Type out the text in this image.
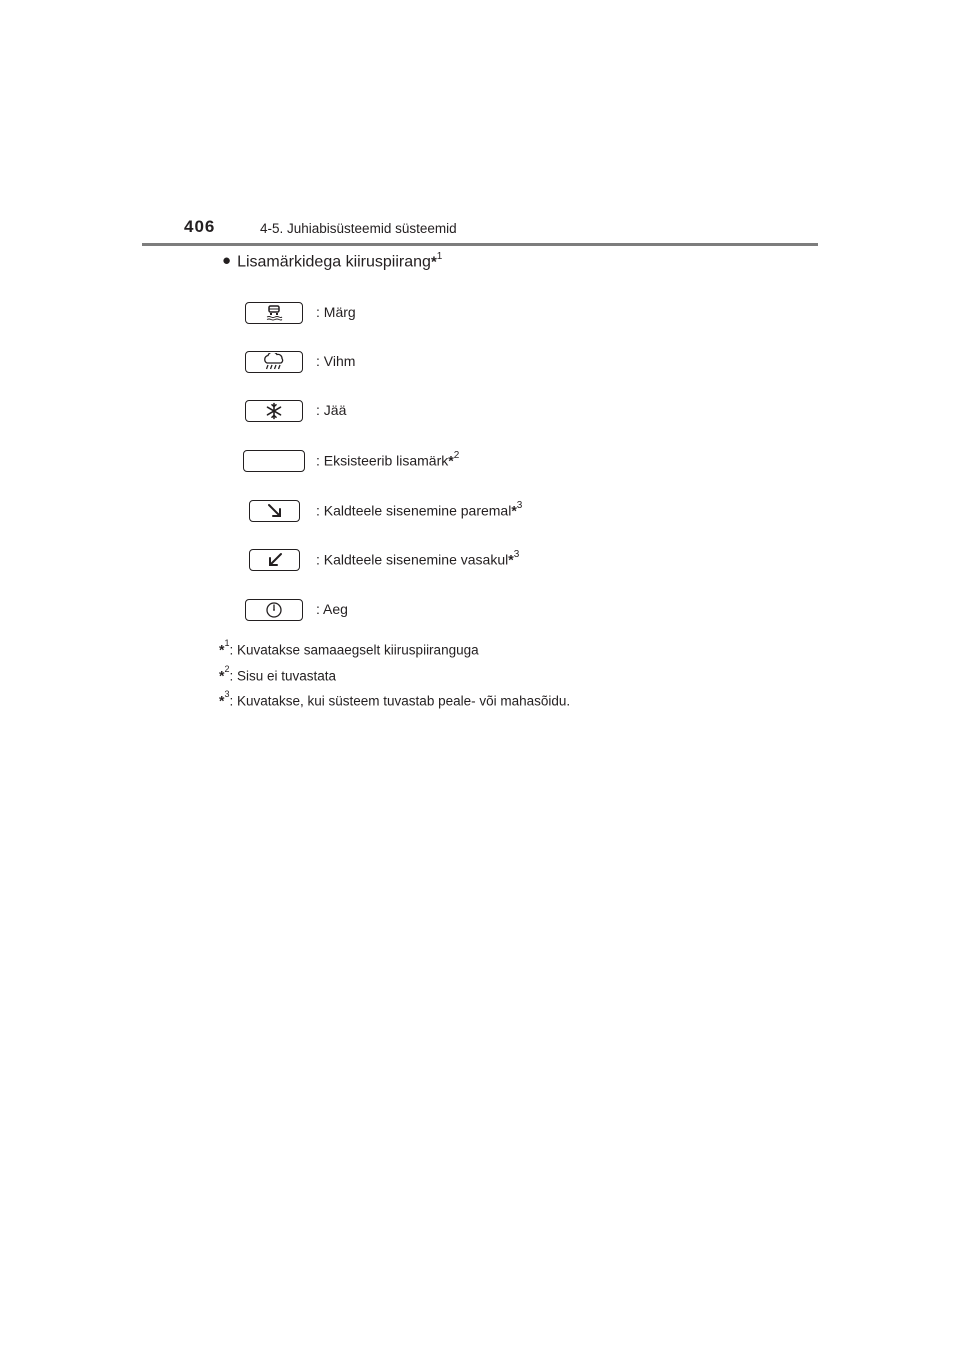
406	4-5. Juhiabisüsteemid süsteemid
● Lisamärkidega kiiruspiirang*$^1$
: Märg
: Vihm
: Jää
: Eksisteerib lisamärk*$^2$
: Kaldteele sisenemine paremal*$^3$
: Kaldteele sisenemine vasakul*$^3$
: Aeg
*$^1$: Kuvatakse samaaegselt kiiruspiiranguga
*$^2$: Sisu ei tuvastata
*$^3$: Kuvatakse, kui süsteem tuvastab peale- või mahasõidu.
